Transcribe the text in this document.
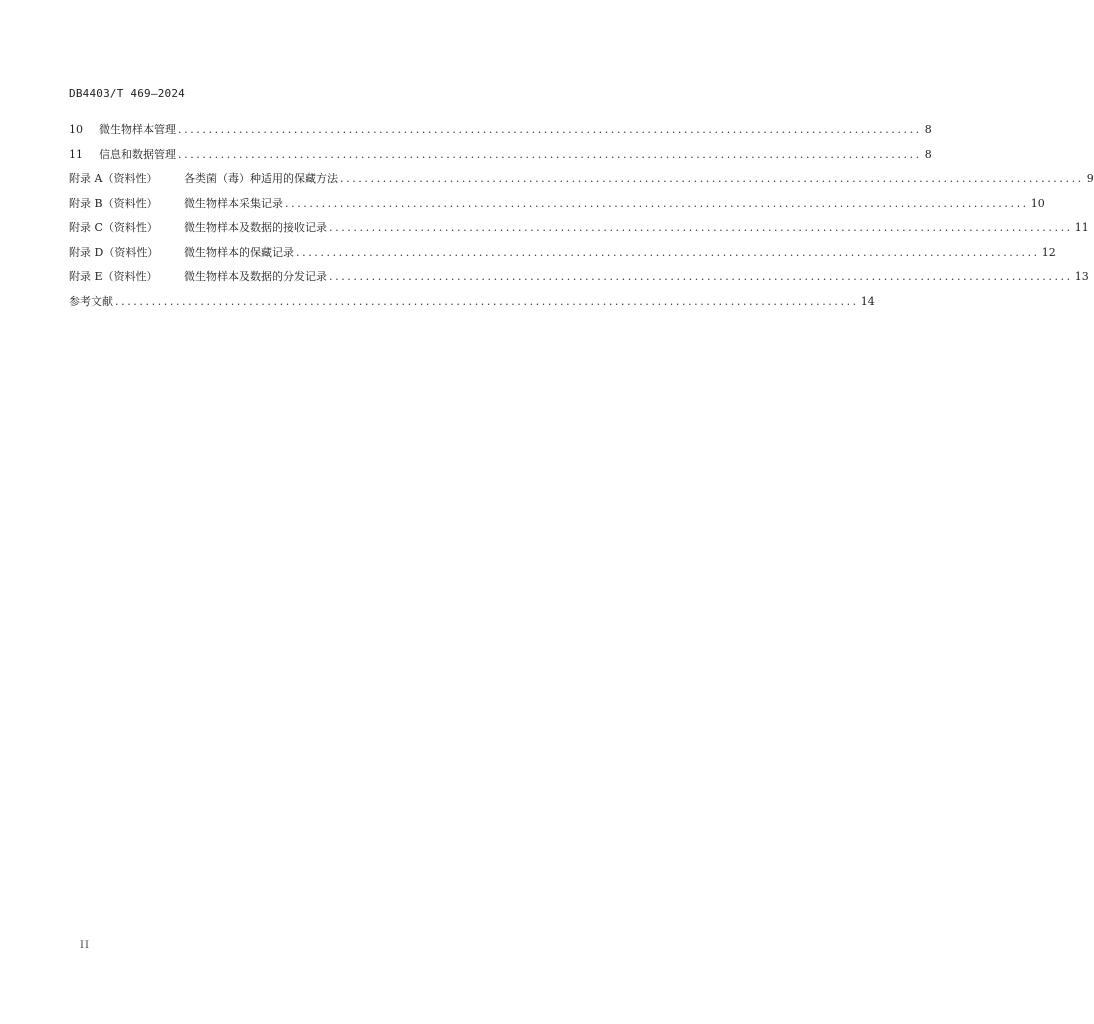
DB4403/T 469—2024
10	微生物样本管理 .......................................................................................................................... 8
11	信息和数据管理 .......................................................................................................................... 8
附录 A（资料性）	各类菌（毒）种适用的保藏方法 .......................................................................................................................... 9
附录 B（资料性）	微生物样本采集记录 .......................................................................................................................... 10
附录 C（资料性）	微生物样本及数据的接收记录 .......................................................................................................................... 11
附录 D（资料性）	微生物样本的保藏记录 .......................................................................................................................... 12
附录 E（资料性）	微生物样本及数据的分发记录 .......................................................................................................................... 13
参考文献 .......................................................................................................................... 14
II
